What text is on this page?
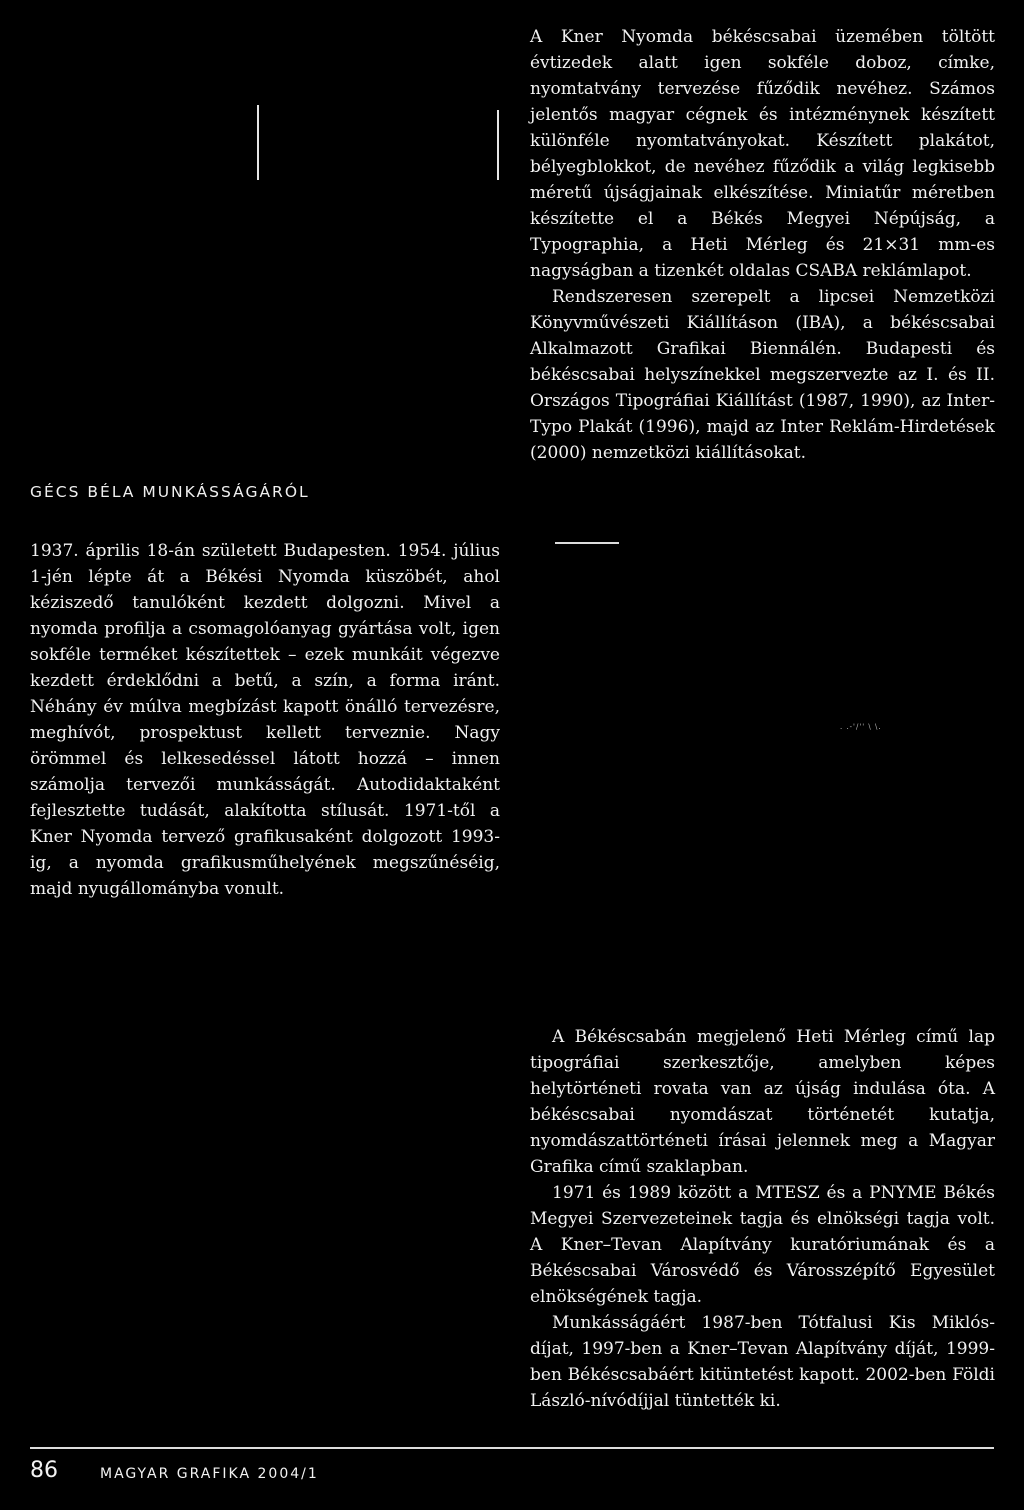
GÉCS BÉLA MUNKÁSSÁGÁRÓL

1937. április 18-án született Budapesten. 1954. július 1-jén lépte át a Békési Nyomda küszöbét, ahol kéziszedő tanulóként kezdett dolgozni. Mivel a nyomda profilja a csomagolóanyag gyártása volt, igen sokféle terméket készítettek – ezek munkáit végezve kezdett érdeklődni a betű, a szín, a forma iránt. Néhány év múlva megbízást kapott önálló tervezésre, meghívót, prospektust kellett terveznie. Nagy örömmel és lelkesedéssel látott hozzá – innen számolja tervezői munkásságát. Autodidaktaként fejlesztette tudását, alakította stílusát. 1971-től a Kner Nyomda tervező grafikusaként dolgozott 1993-ig, a nyomda grafikusműhelyének megszűnéséig, majd nyugállományba vonult.

A Kner Nyomda békéscsabai üzemében töltött évtizedek alatt igen sokféle doboz, címke, nyomtatvány tervezése fűződik nevéhez. Számos jelentős magyar cégnek és intézménynek készített különféle nyomtatványokat. Készített plakátot, bélyegblokkot, de nevéhez fűződik a világ legkisebb méretű újságjainak elkészítése. Miniatűr méretben készítette el a Békés Megyei Népújság, a Typographia, a Heti Mérleg és 21×31 mm-es nagyságban a tizenkét oldalas CSABA reklámlapot.

Rendszeresen szerepelt a lipcsei Nemzetközi Könyvművészeti Kiállításon (IBA), a békéscsabai Alkalmazott Grafikai Biennálén. Budapesti és békéscsabai helyszínekkel megszervezte az I. és II. Országos Tipográfiai Kiállítást (1987, 1990), az Inter-Typo Plakát (1996), majd az Inter Reklám-Hirdetések (2000) nemzetközi kiállításokat.

. .-'/'' \ \.

A Békéscsabán megjelenő Heti Mérleg című lap tipográfiai szerkesztője, amelyben képes helytörténeti rovata van az újság indulása óta. A békéscsabai nyomdászat történetét kutatja, nyomdászattörténeti írásai jelennek meg a Magyar Grafika című szaklapban.

1971 és 1989 között a MTESZ és a PNYME Békés Megyei Szervezeteinek tagja és elnökségi tagja volt. A Kner–Tevan Alapítvány kuratóriumának és a Békéscsabai Városvédő és Városszépítő Egyesület elnökségének tagja.

Munkásságáért 1987-ben Tótfalusi Kis Miklós-díjat, 1997-ben a Kner–Tevan Alapítvány díját, 1999-ben Békéscsabáért kitüntetést kapott. 2002-ben Földi László-nívódíjjal tüntették ki.

86	MAGYAR GRAFIKA 2004/1
